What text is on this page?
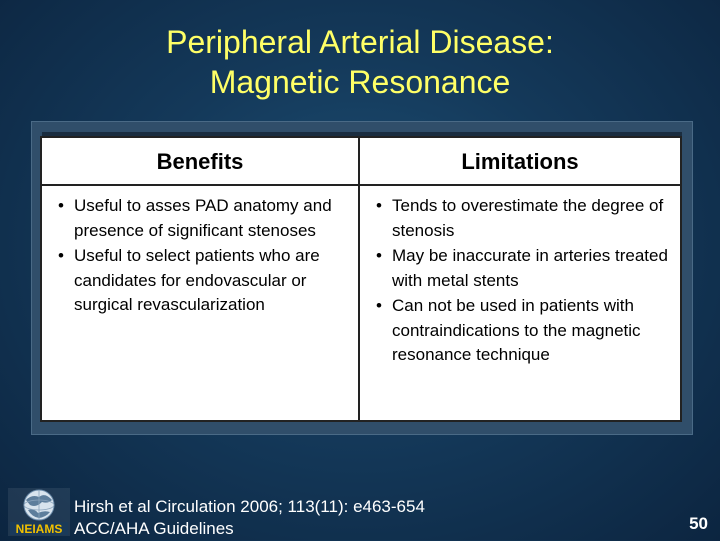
Peripheral Arterial Disease:
Magnetic Resonance
Benefits	Limitations
• Useful to asses PAD anatomy and presence of significant stenoses
• Useful to select patients who are candidates for endovascular or surgical revascularization
• Tends to overestimate the degree of stenosis
• May be inaccurate in arteries treated with metal stents
• Can not be used in patients with contraindications to the magnetic resonance technique
NEIAMS
Hirsh et al Circulation 2006; 113(11): e463-654
ACC/AHA Guidelines	50
